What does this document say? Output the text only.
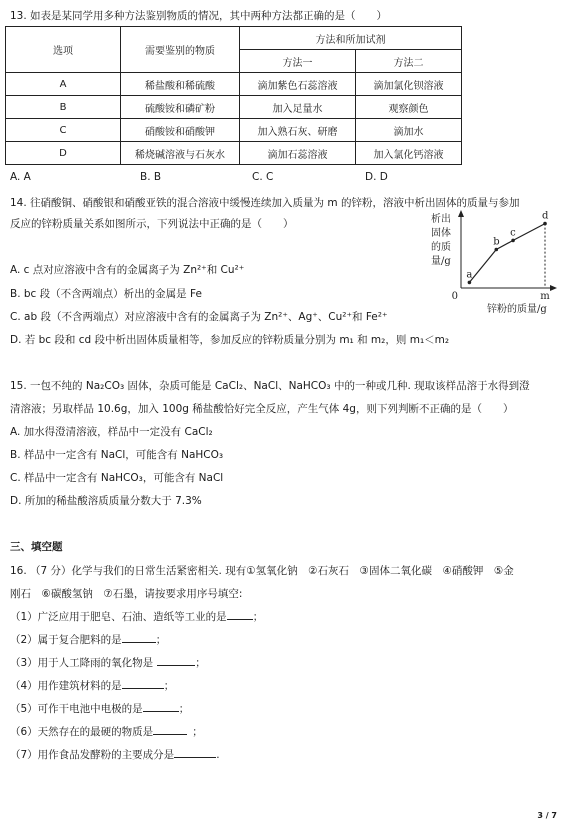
13. 如表是某同学用多种方法鉴别物质的情况，其中两种方法都正确的是（　　）
选项	需要鉴别的物质	方法和所加试剂	
		方法一	方法二
A	稀盐酸和稀硫酸	滴加紫色石蕊溶液	滴加氯化钡溶液
B	硫酸铵和磷矿粉	加入足量水	观察颜色
C	硝酸铵和硝酸钾	加入熟石灰、研磨	滴加水
D	稀烧碱溶液与石灰水	滴加石蕊溶液	加入氯化钙溶液
A. A	B. B	C. C	D. D
14. 往硝酸铜、硝酸银和硝酸亚铁的混合溶液中缓慢连续加入质量为 m 的锌粉，溶液中析出固体的质量与参加
反应的锌粉质量关系如图所示，下列说法中正确的是（　　）
A. c 点对应溶液中含有的金属离子为 Zn²⁺和 Cu²⁺
B. bc 段（不含两端点）析出的金属是 Fe
C. ab 段（不含两端点）对应溶液中含有的金属离子为 Zn²⁺、Ag⁺、Cu²⁺和 Fe²⁺
D. 若 bc 段和 cd 段中析出固体质量相等，参加反应的锌粉质量分别为 m₁ 和 m₂，则 m₁＜m₂
析出
固体
的质
量/g
0	m
锌粉的质量/g
a
b
c
d
15. 一包不纯的 Na₂CO₃ 固体，杂质可能是 CaCl₂、NaCl、NaHCO₃ 中的一种或几种. 现取该样品溶于水得到澄
清溶液；另取样品 10.6g，加入 100g 稀盐酸恰好完全反应，产生气体 4g，则下列判断不正确的是（　　）
A. 加水得澄清溶液，样品中一定没有 CaCl₂
B. 样品中一定含有 NaCl，可能含有 NaHCO₃
C. 样品中一定含有 NaHCO₃，可能含有 NaCl
D. 所加的稀盐酸溶质质量分数大于 7.3%
三、填空题
16. （7 分）化学与我们的日常生活紧密相关. 现有①氢氧化钠　②石灰石　③固体二氧化碳　④硝酸钾　⑤金
刚石　⑥碳酸氢钠　⑦石墨，请按要求用序号填空:
（1）广泛应用于肥皂、石油、造纸等工业的是 ；
（2）属于复合肥料的是	；
（3）用于人工降雨的氧化物是	；
（4）用作建筑材料的是	；
（5）可作干电池中电极的是	；
（6）天然存在的最硬的物质是	；
（7）用作食品发酵粉的主要成分是	.
3 / 7
